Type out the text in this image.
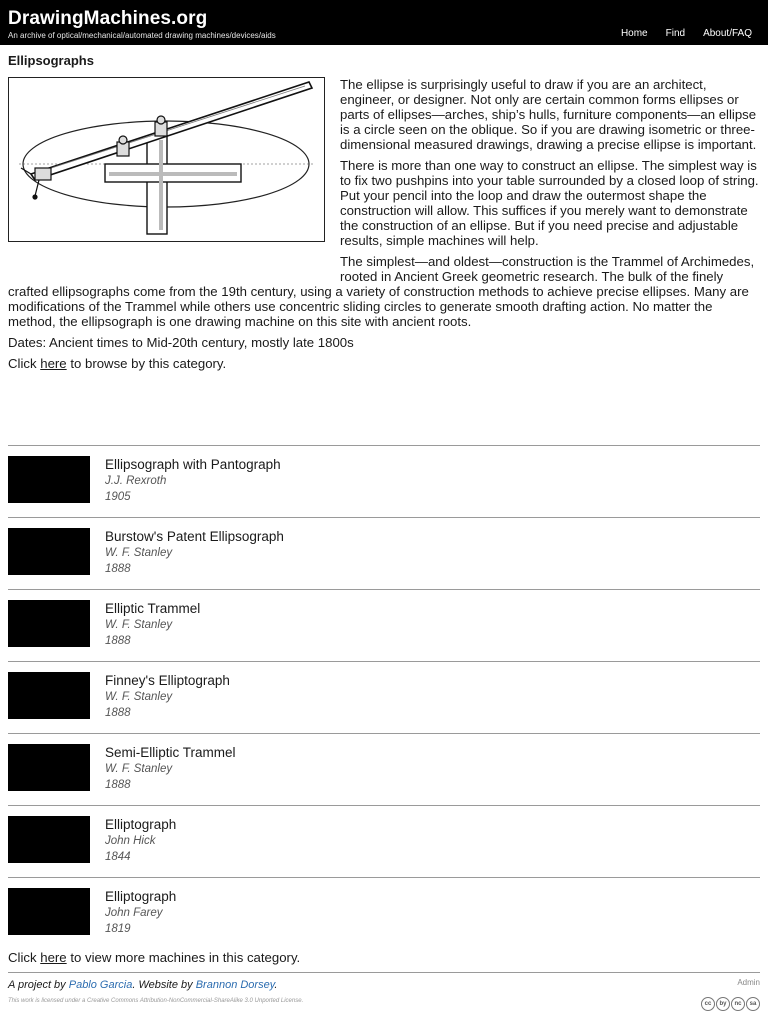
DrawingMachines.org
An archive of optical/mechanical/automated drawing machines/devices/aids	Home Find About/FAQ
Ellipsographs

The ellipse is surprisingly useful to draw if you are an architect, engineer, or designer. Not only are certain common forms ellipses or parts of ellipses—arches, ship’s hulls, furniture components—an ellipse is a circle seen on the oblique. So if you are drawing isometric or three-dimensional measured drawings, drawing a precise ellipse is important.

There is more than one way to construct an ellipse. The simplest way is to fix two pushpins into your table surrounded by a closed loop of string. Put your pencil into the loop and draw the outermost shape the construction will allow. This suffices if you merely want to demonstrate the construction of an ellipse. But if you need precise and adjustable results, simple machines will help.

The simplest—and oldest—construction is the Trammel of Archimedes, rooted in Ancient Greek geometric research. The bulk of the finely crafted ellipsographs come from the 19th century, using a variety of construction methods to achieve precise ellipses. Many are modifications of the Trammel while others use concentric sliding circles to generate smooth drafting action. No matter the method, the ellipsograph is one drawing machine on this site with ancient roots.

Dates: Ancient times to Mid-20th century, mostly late 1800s

Click here to browse by this category.

Ellipsograph with Pantograph
J.J. Rexroth
1905
Burstow's Patent Ellipsograph
W. F. Stanley
1888
Elliptic Trammel
W. F. Stanley
1888
Finney's Elliptograph
W. F. Stanley
1888
Semi-Elliptic Trammel
W. F. Stanley
1888
Elliptograph
John Hick
1844
Elliptograph
John Farey
1819

Click here to view more machines in this category.

A project by Pablo Garcia. Website by Brannon Dorsey.	Admin
This work is licensed under a Creative Commons Attribution-NonCommercial-ShareAlike 3.0 Unported License.	cc	by	nc	sa
